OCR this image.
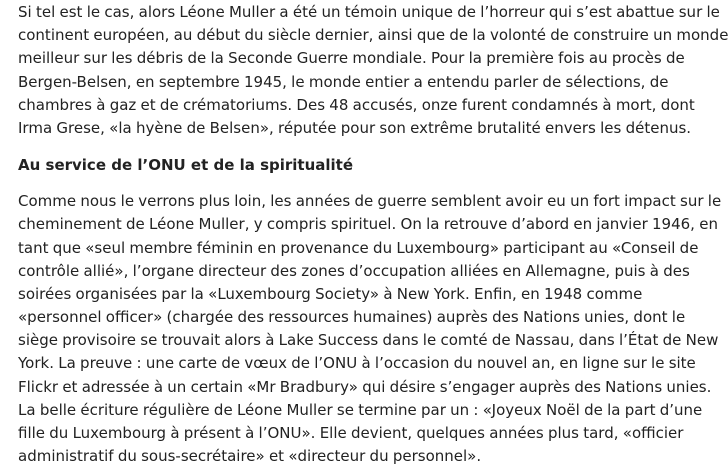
Si tel est le cas, alors Léone Muller a été un témoin unique de l’horreur qui s’est abattue sur le
continent européen, au début du siècle dernier, ainsi que de la volonté de construire un monde
meilleur sur les débris de la Seconde Guerre mondiale. Pour la première fois au procès de
Bergen-Belsen, en septembre 1945, le monde entier a entendu parler de sélections, de
chambres à gaz et de crématoriums. Des 48 accusés, onze furent condamnés à mort, dont
Irma Grese, «la hyène de Belsen», réputée pour son extrême brutalité envers les détenus.
Au service de l’ONU et de la spiritualité
Comme nous le verrons plus loin, les années de guerre semblent avoir eu un fort impact sur le
cheminement de Léone Muller, y compris spirituel. On la retrouve d’abord en janvier 1946, en
tant que «seul membre féminin en provenance du Luxembourg» participant au «Conseil de
contrôle allié», l’organe directeur des zones d’occupation alliées en Allemagne, puis à des
soirées organisées par la «Luxembourg Society» à New York. Enfin, en 1948 comme
«personnel officer» (chargée des ressources humaines) auprès des Nations unies, dont le
siège provisoire se trouvait alors à Lake Success dans le comté de Nassau, dans l’État de New
York. La preuve : une carte de vœux de l’ONU à l’occasion du nouvel an, en ligne sur le site
Flickr et adressée à un certain «Mr Bradbury» qui désire s’engager auprès des Nations unies.
La belle écriture régulière de Léone Muller se termine par un : «Joyeux Noël de la part d’une
fille du Luxembourg à présent à l’ONU». Elle devient, quelques années plus tard, «officier
administratif du sous-secrétaire» et «directeur du personnel».
